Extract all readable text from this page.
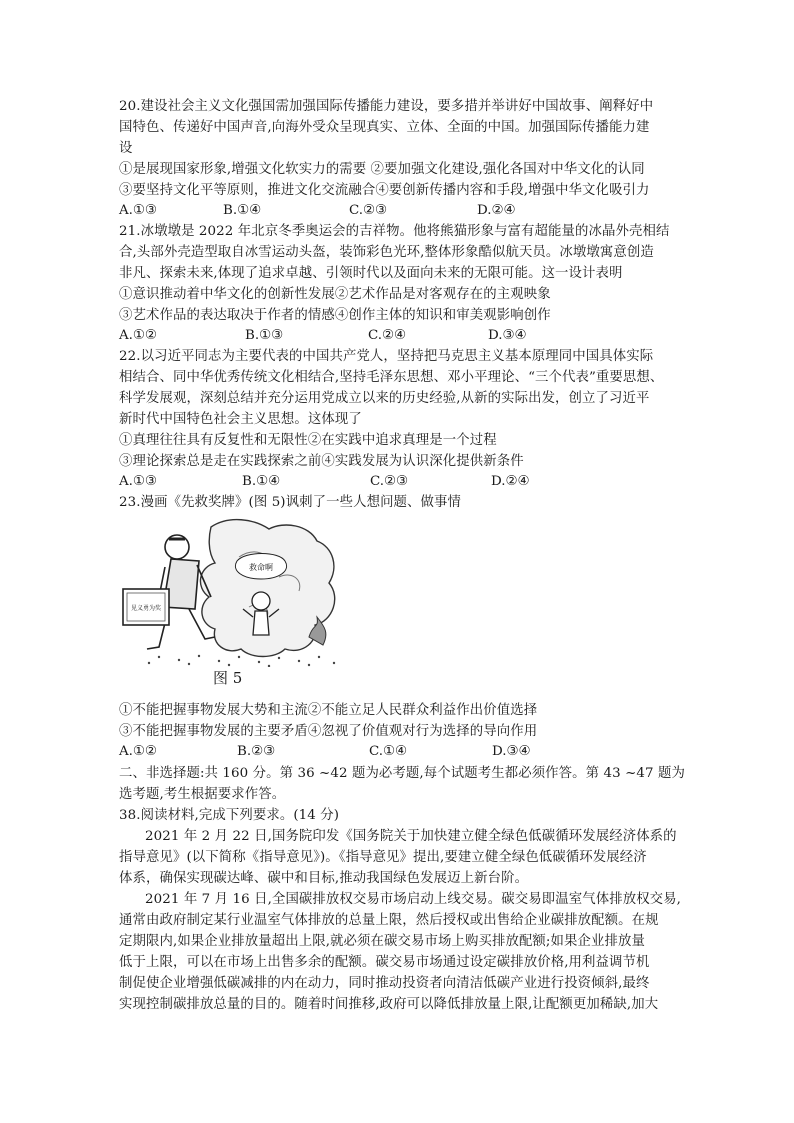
20.建设社会主义文化强国需加强国际传播能力建设，要多措并举讲好中国故事、阐释好中
国特色、传递好中国声音,向海外受众呈现真实、立体、全面的中国。加强国际传播能力建
设
①是展现国家形象,增强文化软实力的需要 ②要加强文化建设,强化各国对中华文化的认同
③要坚持文化平等原则，推进文化交流融合④要创新传播内容和手段,增强中华文化吸引力
A.①③	B.①④	C.②③	D.②④
21.冰墩墩是 2022 年北京冬季奥运会的吉祥物。他将熊猫形象与富有超能量的冰晶外壳相结
合,头部外壳造型取自冰雪运动头盔，装饰彩色光环,整体形象酷似航天员。冰墩墩寓意创造
非凡、探索未来,体现了追求卓越、引领时代以及面向未来的无限可能。这一设计表明
①意识推动着中华文化的创新性发展②艺术作品是对客观存在的主观映象
③艺术作品的表达取决于作者的情感④创作主体的知识和审美观影响创作
A.①②	B.①③	C.②④	D.③④
22.以习近平同志为主要代表的中国共产党人，坚持把马克思主义基本原理同中国具体实际
相结合、同中华优秀传统文化相结合,坚持毛泽东思想、邓小平理论、“三个代表”重要思想、
科学发展观，深刻总结并充分运用党成立以来的历史经验,从新的实际出发，创立了习近平
新时代中国特色社会主义思想。这体现了
①真理往往具有反复性和无限性②在实践中追求真理是一个过程
③理论探索总是走在实践探索之前④实践发展为认识深化提供新条件
A.①③	B.①④	C.②③	D.②④
23.漫画《先救奖牌》(图 5)讽刺了一些人想问题、做事情
见义勇为奖
救命啊
图 5
①不能把握事物发展大势和主流②不能立足人民群众利益作出价值选择
③不能把握事物发展的主要矛盾④忽视了价值观对行为选择的导向作用
A.①②	B.②③	C.①④	D.③④
二、非选择题:共 160 分。第 36 ~42 题为必考题,每个试题考生都必须作答。第 43 ~47 题为
选考题,考生根据要求作答。
38.阅读材料,完成下列要求。(14 分)
2021 年 2 月 22 日,国务院印发《国务院关于加快建立健全绿色低碳循环发展经济体系的
指导意见》(以下简称《指导意见》)。《指导意见》提出,要建立健全绿色低碳循环发展经济
体系，确保实现碳达峰、碳中和目标,推动我国绿色发展迈上新台阶。
2021 年 7 月 16 日,全国碳排放权交易市场启动上线交易。碳交易即温室气体排放权交易,
通常由政府制定某行业温室气体排放的总量上限，然后授权或出售给企业碳排放配额。在规
定期限内,如果企业排放量超出上限,就必须在碳交易市场上购买排放配额;如果企业排放量
低于上限，可以在市场上出售多余的配额。碳交易市场通过设定碳排放价格,用利益调节机
制促使企业增强低碳减排的内在动力，同时推动投资者向清洁低碳产业进行投资倾斜,最终
实现控制碳排放总量的目的。随着时间推移,政府可以降低排放量上限,让配额更加稀缺,加大
